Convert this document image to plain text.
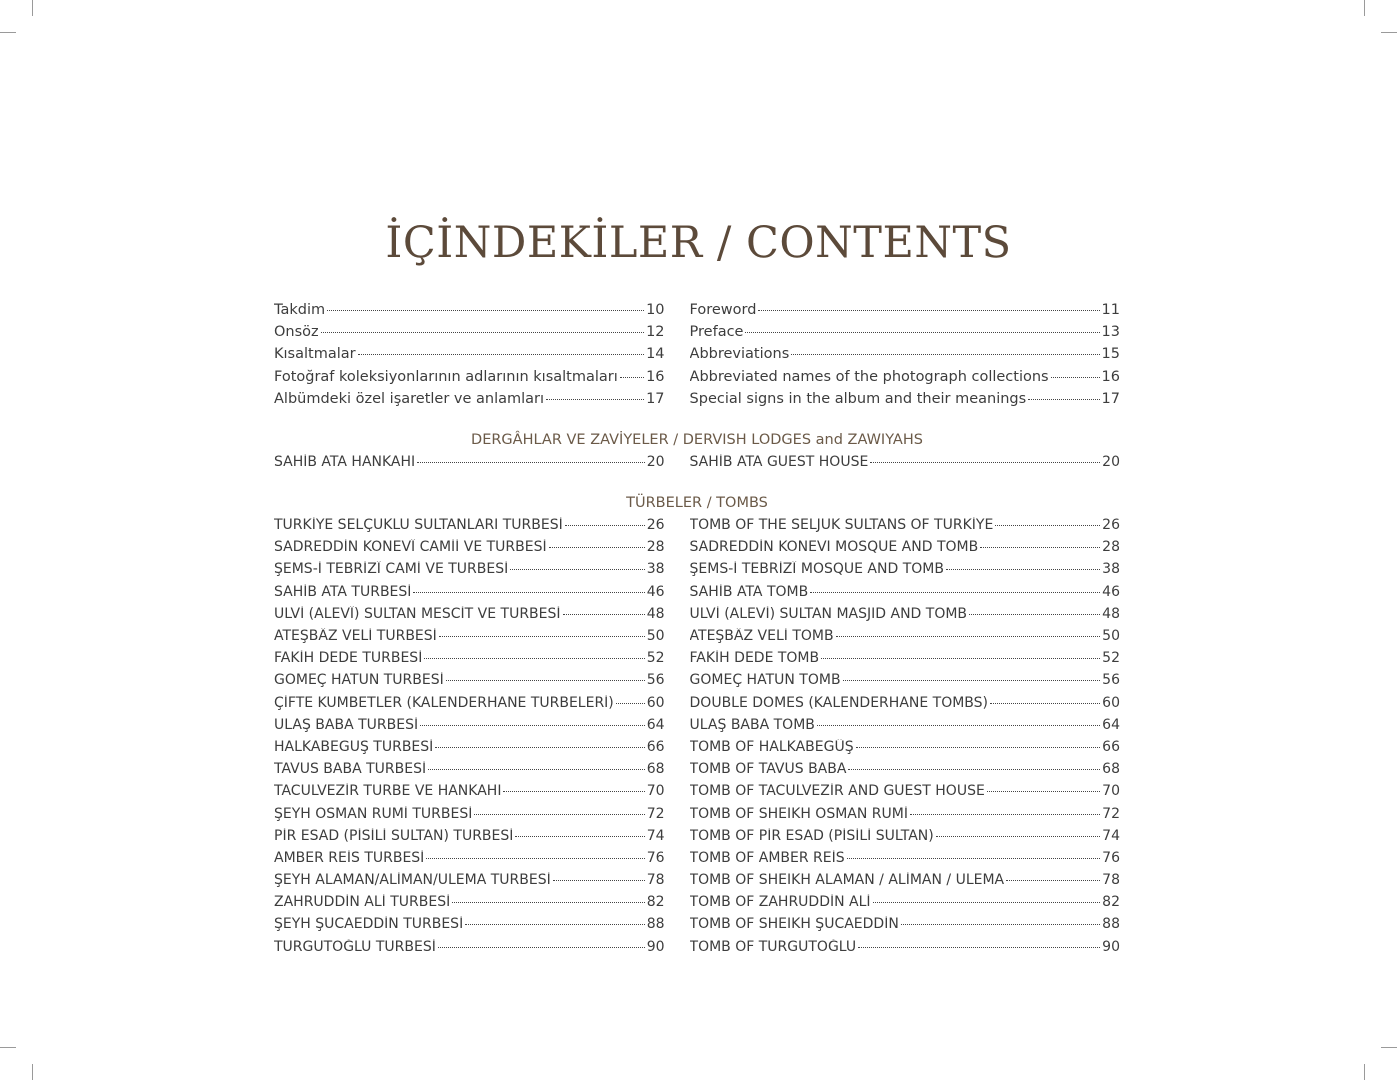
İÇİNDEKİLER / CONTENTS
Takdim	10 Foreword	11
Önsöz	12 Preface	13
Kısaltmalar	14 Abbreviations	15
Fotoğraf koleksiyonlarının adlarının kısaltmaları 16 Abbreviated names of the photograph collections	16
Albümdeki özel işaretler ve anlamları	17 Special signs in the album and their meanings	17
DERGÂHLAR VE ZAVİYELER / DERVISH LODGES and ZAWIYAHS
SAHİB ATA HANKAHI	20 SAHİB ATA GUEST HOUSE	20
TÜRBELER / TOMBS
TÜRKİYE SELÇUKLU SULTANLARI TÜRBESİ	26 TOMB OF THE SELJUK SULTANS OF TÜRKİYE	26
SADREDDİN KONEVÎ CAMİİ VE TÜRBESİ	28 SADREDDİN KONEVI MOSQUE AND TOMB	28
ŞEMS-İ TEBRİZÎ CAMİ VE TÜRBESİ	38 ŞEMS-İ TEBRİZÎ MOSQUE AND TOMB	38
SAHİB ATA TÜRBESİ	46 SAHİB ATA TOMB	46
ULVİ (ALEVÎ) SULTAN MESCİT VE TÜRBESİ	48 ULVİ (ALEVİ) SULTAN MASJID AND TOMB	48
ATEŞBÂZ VELİ TÜRBESİ	50 ATEŞBÂZ VELİ TOMB	50
FAKİH DEDE TÜRBESİ	52 FAKİH DEDE TOMB	52
GÖMEÇ HATUN TÜRBESİ	56 GÖMEÇ HATUN TOMB	56
ÇİFTE KÜMBETLER (KALENDERHANE TÜRBELERİ) 60 DOUBLE DOMES (KALENDERHANE TOMBS)	60
ULAŞ BABA TÜRBESİ	64 ULAŞ BABA TOMB	64
HALKABEGÜŞ TÜRBESİ	66 TOMB OF HALKABEGÛŞ	66
TAVUS BABA TÜRBESİ	68 TOMB OF TAVUS BABA	68
TACÜLVEZİR TÜRBE VE HANKAHI	70 TOMB OF TACÜLVEZİR AND GUEST HOUSE	70
ŞEYH OSMAN RUMİ TÜRBESİ	72 TOMB OF SHEIKH OSMAN RUMİ	72
PİR ESAD (PİSİLİ SULTAN) TÜRBESİ	74 TOMB OF PİR ESAD (PİSİLİ SULTAN)	74
AMBER REİS TÜRBESİ	76 TOMB OF AMBER REİS	76
ŞEYH ALAMAN/ALİMAN/ULEMA TÜRBESİ	78 TOMB OF SHEIKH ALAMAN / ALİMAN / ULEMA	78
ZAHRUDDİN ALİ TÜRBESİ	82 TOMB OF ZAHRUDDİN ALİ	82
ŞEYH ŞÜCAEDDİN TÜRBESİ	88 TOMB OF SHEIKH ŞÜCAEDDİN	88
TURGUTOĞLU TÜRBESİ	90 TOMB OF TURGUTOĞLU	90
